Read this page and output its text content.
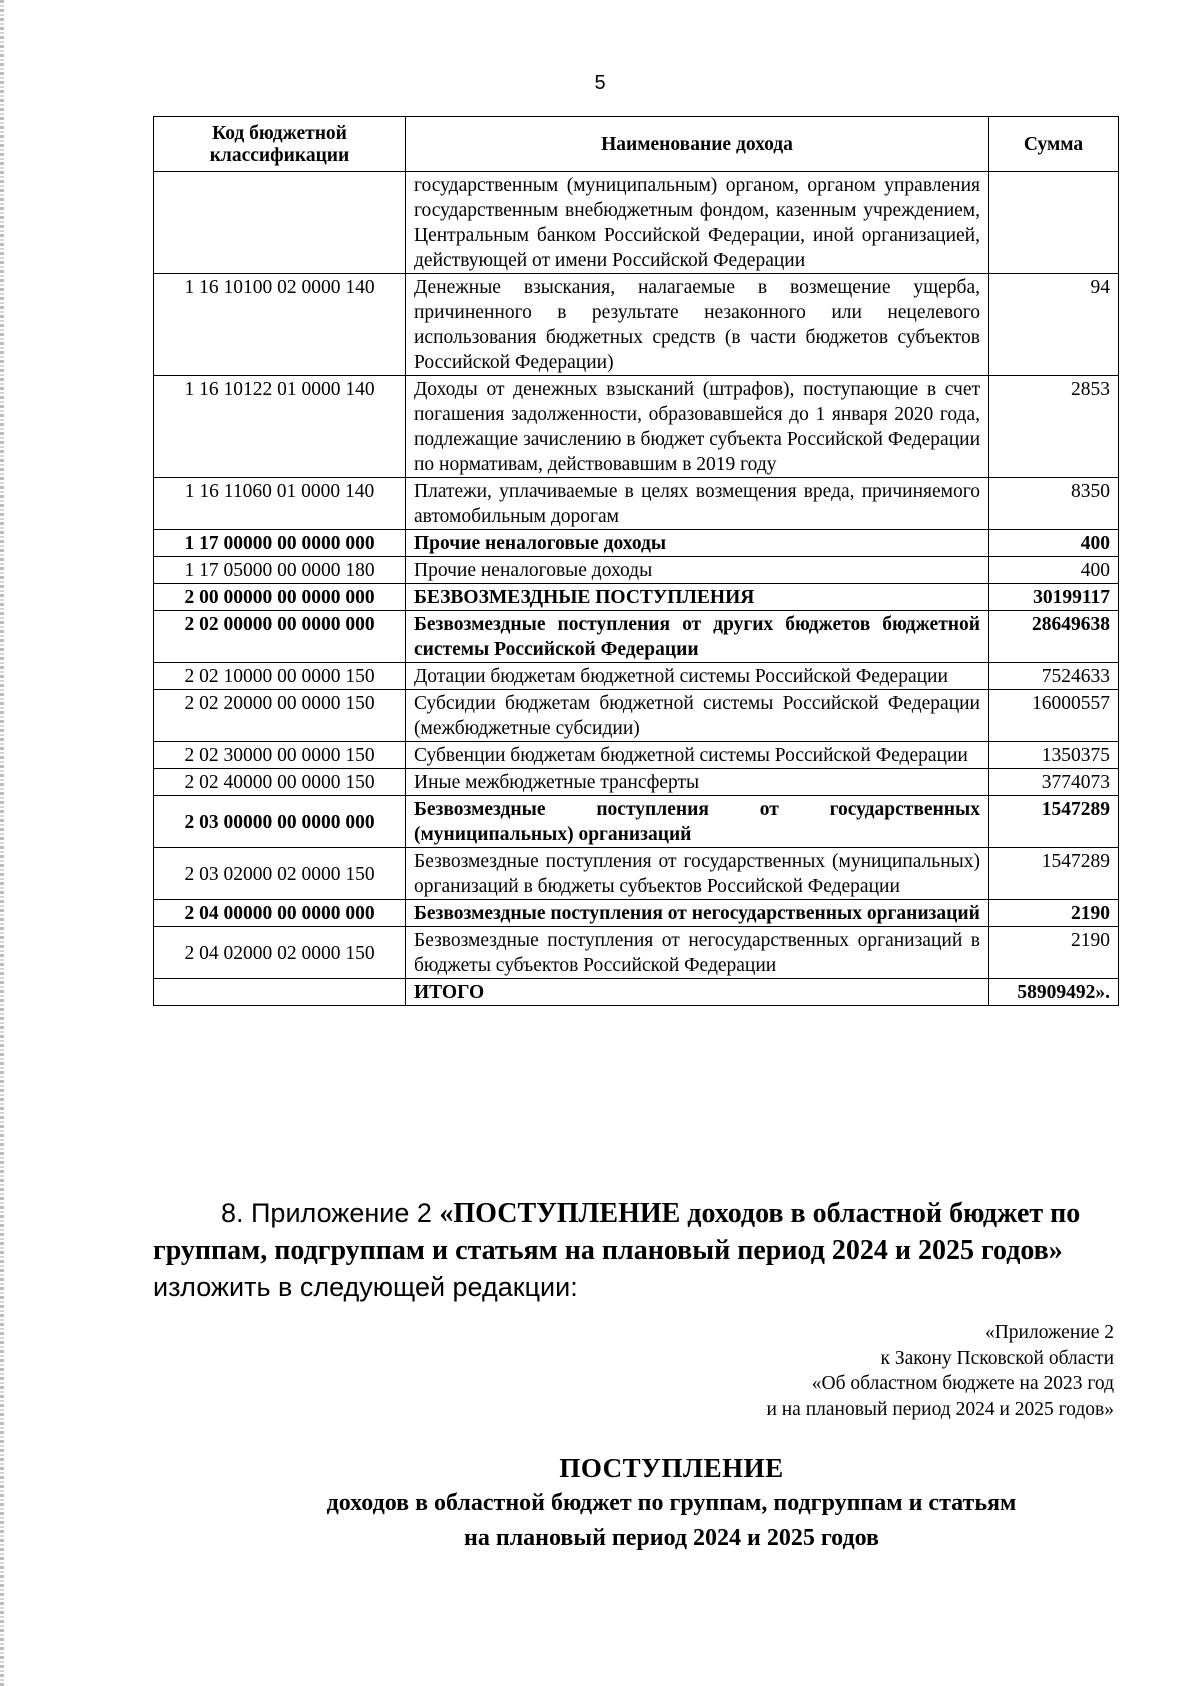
5
Код бюджетной классификации	Наименование дохода	Сумма
	государственным (муниципальным) органом, органом управления государственным внебюджетным фондом, казенным учреждением, Центральным банком Российской Федерации, иной организацией, действующей от имени Российской Федерации	
1 16 10100 02 0000 140	Денежные взыскания, налагаемые в возмещение ущерба, причиненного в результате незаконного или нецелевого использования бюджетных средств (в части бюджетов субъектов Российской Федерации)	94
1 16 10122 01 0000 140	Доходы от денежных взысканий (штрафов), поступающие в счет погашения задолженности, образовавшейся до 1 января 2020 года, подлежащие зачислению в бюджет субъекта Российской Федерации по нормативам, действовавшим в 2019 году	2853
1 16 11060 01 0000 140	Платежи, уплачиваемые в целях возмещения вреда, причиняемого автомобильным дорогам	8350
1 17 00000 00 0000 000	Прочие неналоговые доходы	400
1 17 05000 00 0000 180	Прочие неналоговые доходы	400
2 00 00000 00 0000 000	БЕЗВОЗМЕЗДНЫЕ ПОСТУПЛЕНИЯ	30199117
2 02 00000 00 0000 000	Безвозмездные поступления от других бюджетов бюджетной системы Российской Федерации	28649638
2 02 10000 00 0000 150	Дотации бюджетам бюджетной системы Российской Федерации	7524633
2 02 20000 00 0000 150	Субсидии бюджетам бюджетной системы Российской Федерации (межбюджетные субсидии)	16000557
2 02 30000 00 0000 150	Субвенции бюджетам бюджетной системы Российской Федерации	1350375
2 02 40000 00 0000 150	Иные межбюджетные трансферты	3774073
2 03 00000 00 0000 000	Безвозмездные поступления от государственных (муниципальных) организаций	1547289
2 03 02000 02 0000 150	Безвозмездные поступления от государственных (муниципальных) организаций в бюджеты субъектов Российской Федерации	1547289
2 04 00000 00 0000 000	Безвозмездные поступления от негосударственных организаций	2190
2 04 02000 02 0000 150	Безвозмездные поступления от негосударственных организаций в бюджеты субъектов Российской Федерации	2190
	ИТОГО	58909492».
8. Приложение 2 «ПОСТУПЛЕНИЕ доходов в областной бюджет по группам, подгруппам и статьям на плановый период 2024 и 2025 годов» изложить в следующей редакции:
«Приложение 2
к Закону Псковской области
«Об областном бюджете на 2023 год
и на плановый период 2024 и 2025 годов»
ПОСТУПЛЕНИЕ
доходов в областной бюджет по группам, подгруппам и статьям
на плановый период 2024 и 2025 годов
